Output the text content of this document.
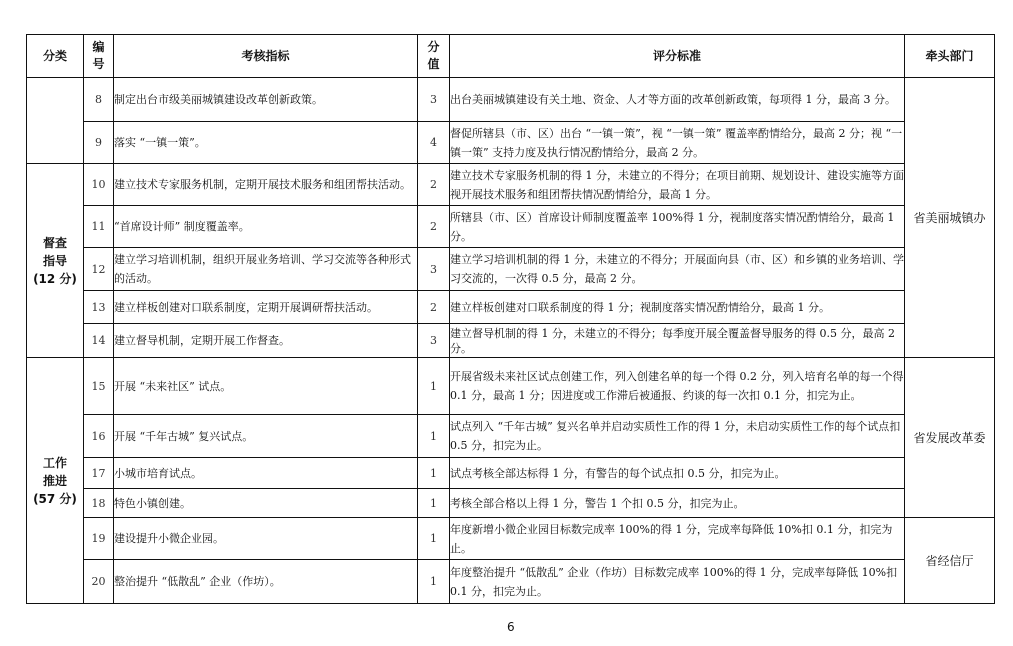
分类	编号	考核指标	分值	评分标准	牵头部门
	8	制定出台市级美丽城镇建设改革创新政策。	3	出台美丽城镇建设有关土地、资金、人才等方面的改革创新政策，每项得 1 分，最高 3 分。	省美丽城镇办
	9	落实 “一镇一策”。	4	督促所辖县（市、区）出台 “一镇一策”，视 “一镇一策” 覆盖率酌情给分，最高 2 分；视 “一镇一策” 支持力度及执行情况酌情给分，最高 2 分。	

督查
指导
(12 分)	10	建立技术专家服务机制，定期开展技术服务和组团帮扶活动。	2	建立技术专家服务机制的得 1 分，未建立的不得分；在项目前期、规划设计、建设实施等方面视开展技术服务和组团帮扶情况酌情给分，最高 1 分。	
	11	“首席设计师” 制度覆盖率。	2	所辖县（市、区）首席设计师制度覆盖率 100%得 1 分，视制度落实情况酌情给分，最高 1 分。	
	12	建立学习培训机制，组织开展业务培训、学习交流等各种形式的活动。	3	建立学习培训机制的得 1 分，未建立的不得分；开展面向县（市、区）和乡镇的业务培训、学习交流的，一次得 0.5 分，最高 2 分。	
	13	建立样板创建对口联系制度，定期开展调研帮扶活动。	2	建立样板创建对口联系制度的得 1 分；视制度落实情况酌情给分，最高 1 分。	
	14	建立督导机制，定期开展工作督查。	3	建立督导机制的得 1 分，未建立的不得分；每季度开展全覆盖督导服务的得 0.5 分，最高 2 分。	

工作
推进
(57 分)	15	开展 “未来社区” 试点。	1	开展省级未来社区试点创建工作，列入创建名单的每一个得 0.2 分，列入培育名单的每一个得 0.1 分，最高 1 分；因进度或工作滞后被通报、约谈的每一次扣 0.1 分，扣完为止。	省发展改革委
	16	开展 “千年古城” 复兴试点。	1	试点列入 “千年古城” 复兴名单并启动实质性工作的得 1 分，未启动实质性工作的每个试点扣 0.5 分，扣完为止。	
	17	小城市培育试点。	1	试点考核全部达标得 1 分，有警告的每个试点扣 0.5 分，扣完为止。	
	18	特色小镇创建。	1	考核全部合格以上得 1 分，警告 1 个扣 0.5 分，扣完为止。	
	19	建设提升小微企业园。	1	年度新增小微企业园目标数完成率 100%的得 1 分，完成率每降低 10%扣 0.1 分，扣完为止。	省经信厅
	20	整治提升 “低散乱” 企业（作坊）。	1	年度整治提升 “低散乱” 企业（作坊）目标数完成率 100%的得 1 分，完成率每降低 10%扣 0.1 分，扣完为止。	
6
